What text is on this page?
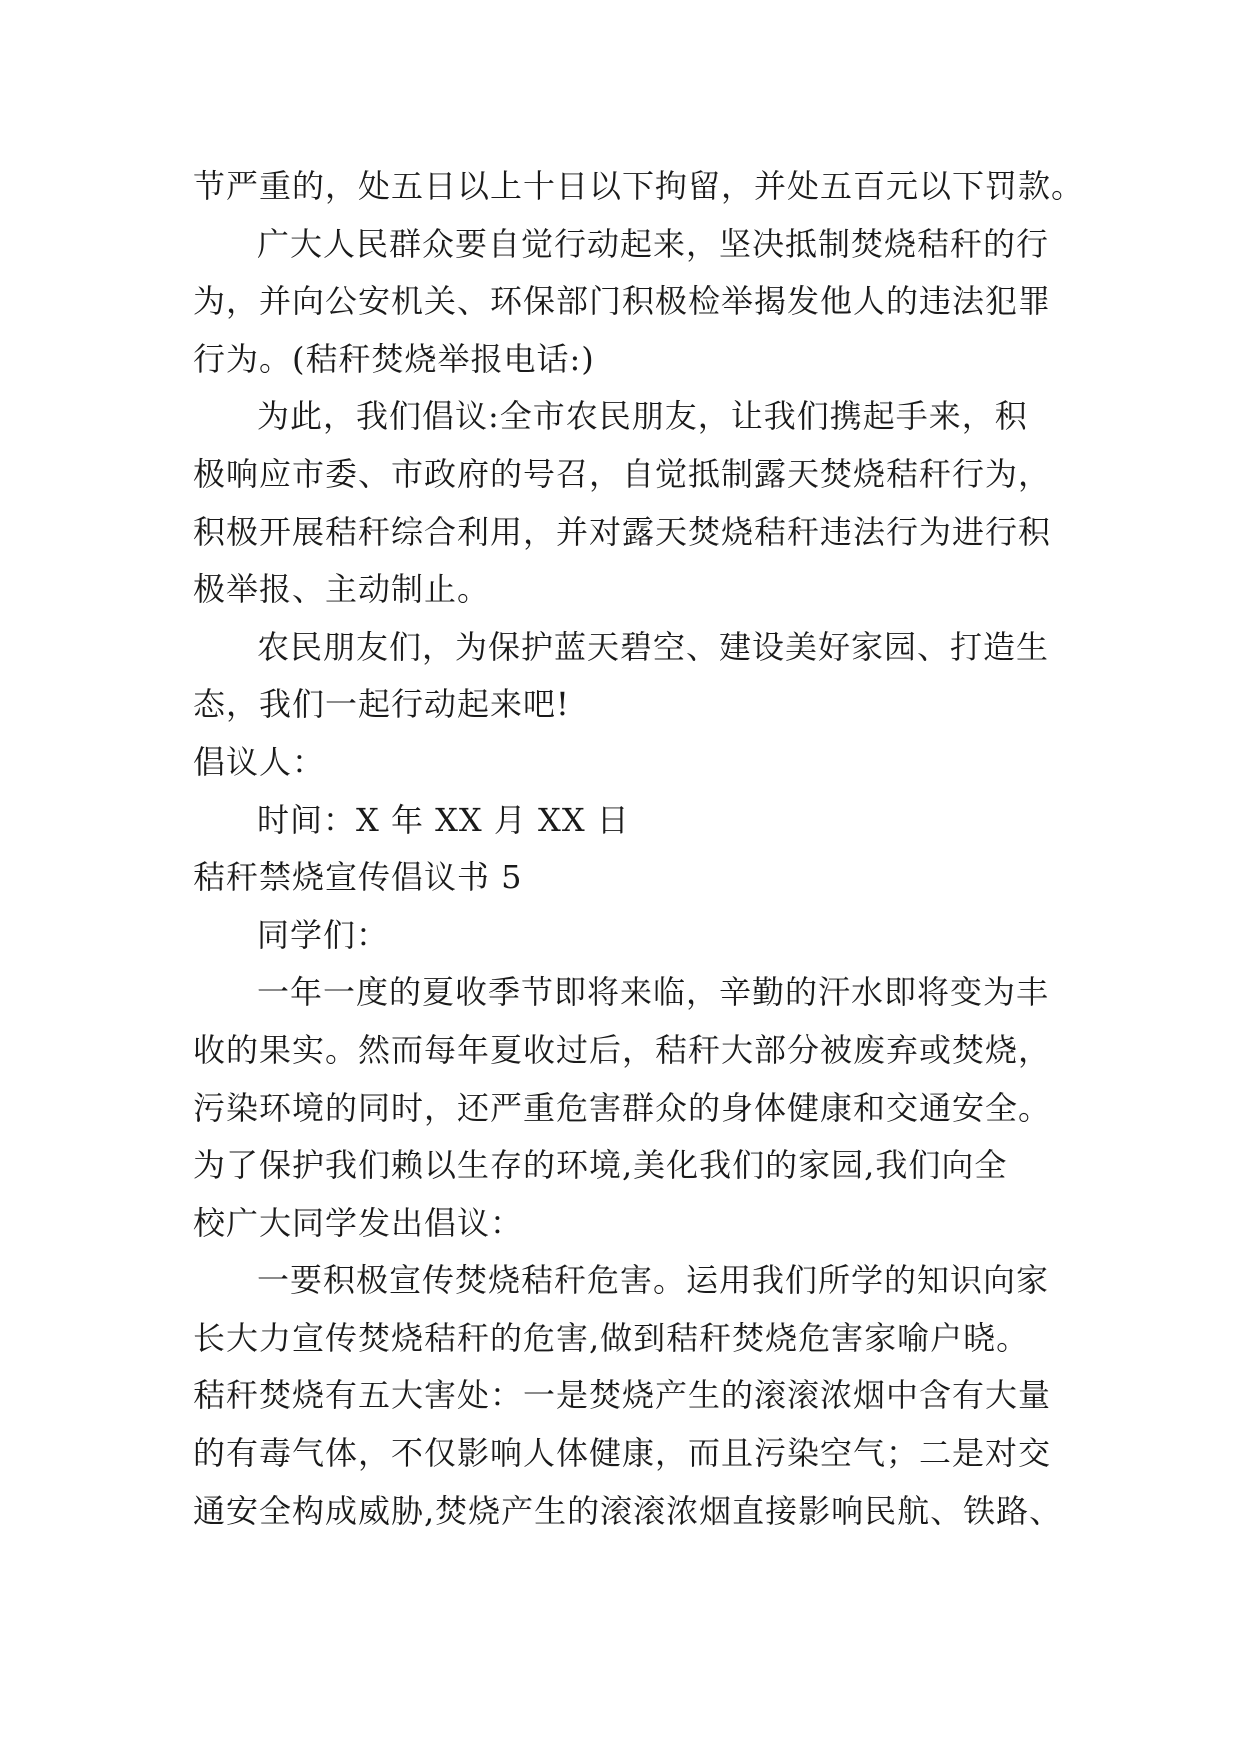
节严重的，处五日以上十日以下拘留，并处五百元以下罚款。
广大人民群众要自觉行动起来，坚决抵制焚烧秸秆的行
为，并向公安机关、环保部门积极检举揭发他人的违法犯罪
行为。(秸秆焚烧举报电话:)
为此，我们倡议:全市农民朋友，让我们携起手来，积
极响应市委、市政府的号召，自觉抵制露天焚烧秸秆行为，
积极开展秸秆综合利用，并对露天焚烧秸秆违法行为进行积
极举报、主动制止。
农民朋友们，为保护蓝天碧空、建设美好家园、打造生
态，我们一起行动起来吧!
倡议人：
时间：X 年 XX 月 XX 日
秸秆禁烧宣传倡议书 5
同学们：
一年一度的夏收季节即将来临，辛勤的汗水即将变为丰
收的果实。然而每年夏收过后，秸秆大部分被废弃或焚烧，
污染环境的同时，还严重危害群众的身体健康和交通安全。
为了保护我们赖以生存的环境,美化我们的家园,我们向全
校广大同学发出倡议：
一要积极宣传焚烧秸秆危害。运用我们所学的知识向家
长大力宣传焚烧秸秆的危害,做到秸秆焚烧危害家喻户晓。
秸秆焚烧有五大害处：一是焚烧产生的滚滚浓烟中含有大量
的有毒气体，不仅影响人体健康，而且污染空气；二是对交
通安全构成威胁,焚烧产生的滚滚浓烟直接影响民航、铁路、
